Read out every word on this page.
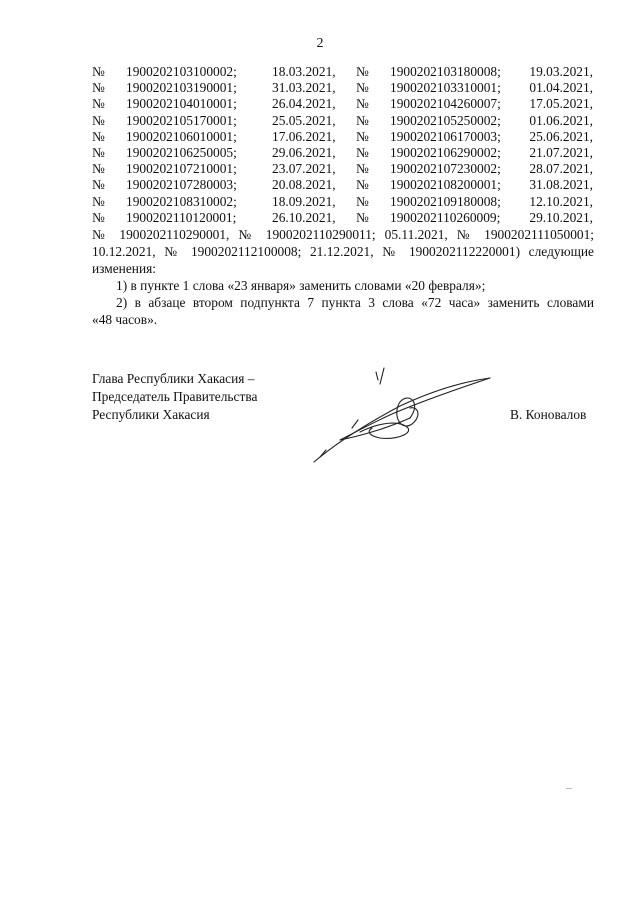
2
№ 1900202103100002;	18.03.2021, № 1900202103180008; 19.03.2021,
№ 1900202103190001;	31.03.2021, № 1900202103310001; 01.04.2021,
№ 1900202104010001;	26.04.2021, № 1900202104260007; 17.05.2021,
№ 1900202105170001;	25.05.2021, № 1900202105250002; 01.06.2021,
№ 1900202106010001;	17.06.2021, № 1900202106170003; 25.06.2021,
№ 1900202106250005;	29.06.2021, № 1900202106290002; 21.07.2021,
№ 1900202107210001;	23.07.2021, № 1900202107230002; 28.07.2021,
№ 1900202107280003;	20.08.2021, № 1900202108200001; 31.08.2021,
№ 1900202108310002;	18.09.2021, № 1900202109180008; 12.10.2021,
№ 1900202110120001;	26.10.2021, № 1900202110260009; 29.10.2021,
№ 1900202110290001, № 1900202110290011; 05.11.2021, № 1900202111050001;
10.12.2021, № 1900202112100008; 21.12.2021, № 1900202112220001) следующие
изменения:
1) в пункте 1 слова «23 января» заменить словами «20 февраля»;
2) в абзаце втором подпункта 7 пункта 3 слова «72 часа» заменить словами
«48 часов».
Глава Республики Хакасия –
Председатель Правительства
Республики Хакасия	В. Коновалов
